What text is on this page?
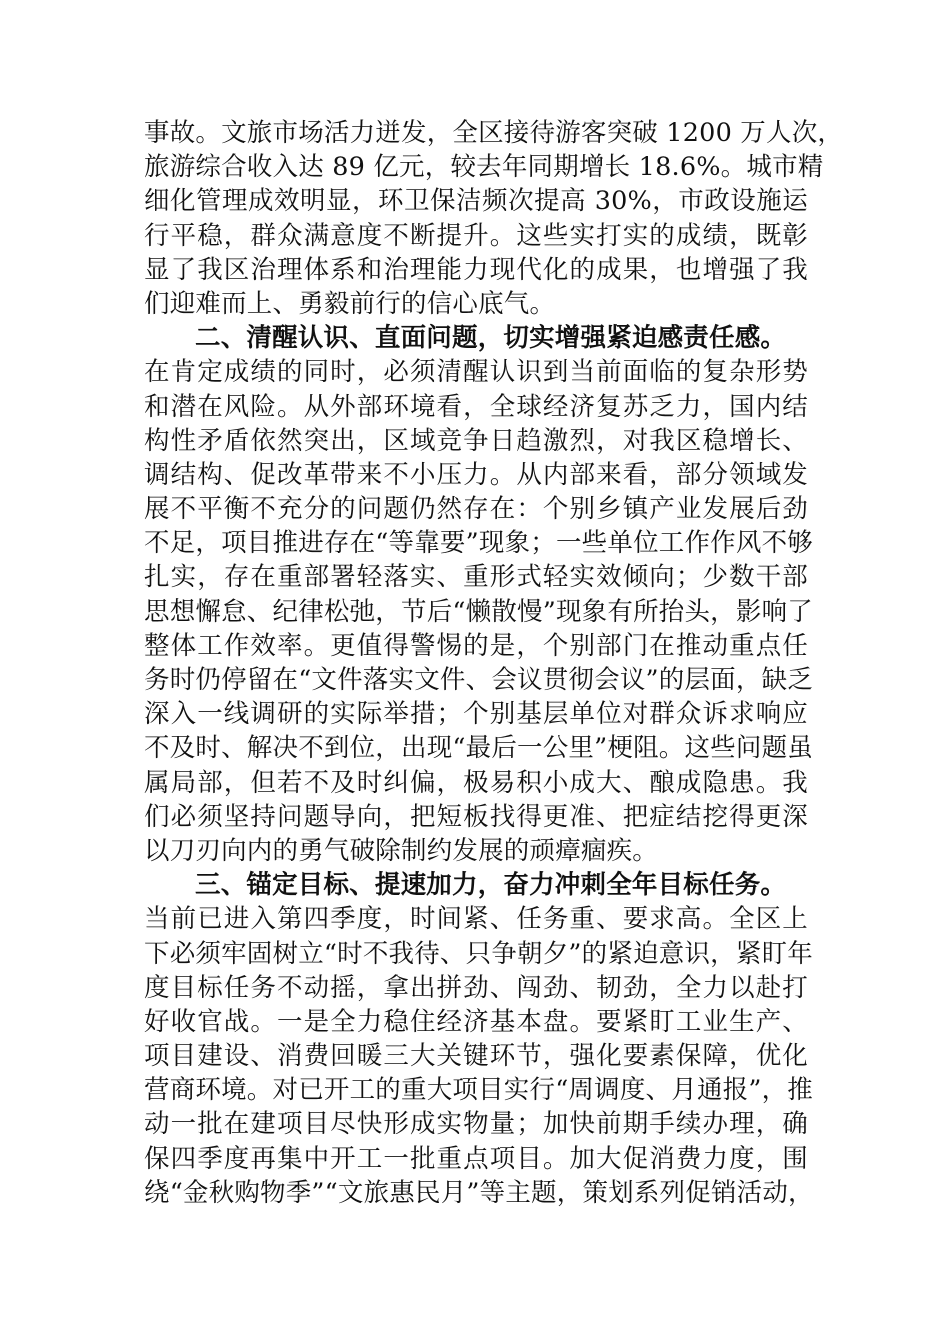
事故。文旅市场活力迸发，全区接待游客突破 1200 万人次，
旅游综合收入达 89 亿元，较去年同期增长 18.6%。城市精
细化管理成效明显，环卫保洁频次提高 30%，市政设施运
行平稳，群众满意度不断提升。这些实打实的成绩，既彰
显了我区治理体系和治理能力现代化的成果，也增强了我
们迎难而上、勇毅前行的信心底气。
二、清醒认识、直面问题，切实增强紧迫感责任感。
在肯定成绩的同时，必须清醒认识到当前面临的复杂形势
和潜在风险。从外部环境看，全球经济复苏乏力，国内结
构性矛盾依然突出，区域竞争日趋激烈，对我区稳增长、
调结构、促改革带来不小压力。从内部来看，部分领域发
展不平衡不充分的问题仍然存在：个别乡镇产业发展后劲
不足，项目推进存在“等靠要”现象；一些单位工作作风不够
扎实，存在重部署轻落实、重形式轻实效倾向；少数干部
思想懈怠、纪律松弛，节后“懒散慢”现象有所抬头，影响了
整体工作效率。更值得警惕的是，个别部门在推动重点任
务时仍停留在“文件落实文件、会议贯彻会议”的层面，缺乏
深入一线调研的实际举措；个别基层单位对群众诉求响应
不及时、解决不到位，出现“最后一公里”梗阻。这些问题虽
属局部，但若不及时纠偏，极易积小成大、酿成隐患。我
们必须坚持问题导向，把短板找得更准、把症结挖得更深
以刀刃向内的勇气破除制约发展的顽瘴痼疾。
三、锚定目标、提速加力，奋力冲刺全年目标任务。
当前已进入第四季度，时间紧、任务重、要求高。全区上
下必须牢固树立“时不我待、只争朝夕”的紧迫意识，紧盯年
度目标任务不动摇，拿出拼劲、闯劲、韧劲，全力以赴打
好收官战。一是全力稳住经济基本盘。要紧盯工业生产、
项目建设、消费回暖三大关键环节，强化要素保障，优化
营商环境。对已开工的重大项目实行“周调度、月通报”，推
动一批在建项目尽快形成实物量；加快前期手续办理，确
保四季度再集中开工一批重点项目。加大促消费力度，围
绕“金秋购物季”“文旅惠民月”等主题，策划系列促销活动，
